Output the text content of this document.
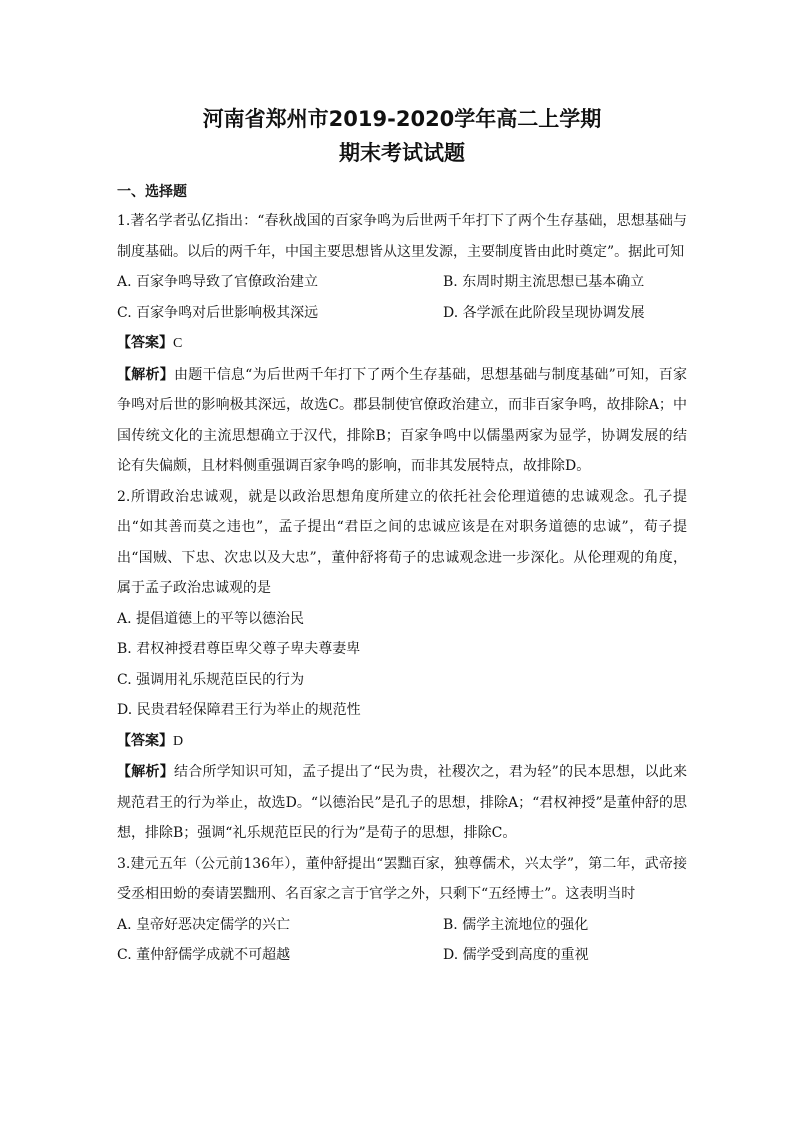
河南省郑州市2019-2020学年高二上学期
期末考试试题
一、选择题

1.著名学者弘亿指出：“春秋战国的百家争鸣为后世两千年打下了两个生存基础，思想基础与制度基础。以后的两千年，中国主要思想皆从这里发源，主要制度皆由此时奠定”。据此可知

A. 百家争鸣导致了官僚政治建立	B. 东周时期主流思想已基本确立
C. 百家争鸣对后世影响极其深远	D. 各学派在此阶段呈现协调发展

【答案】C

【解析】由题干信息“为后世两千年打下了两个生存基础，思想基础与制度基础”可知，百家争鸣对后世的影响极其深远，故选C。郡县制使官僚政治建立，而非百家争鸣，故排除A；中国传统文化的主流思想确立于汉代，排除B；百家争鸣中以儒墨两家为显学，协调发展的结论有失偏颇，且材料侧重强调百家争鸣的影响，而非其发展特点，故排除D。

2.所谓政治忠诚观，就是以政治思想角度所建立的依托社会伦理道德的忠诚观念。孔子提出“如其善而莫之违也”，孟子提出“君臣之间的忠诚应该是在对职务道德的忠诚”，荀子提出“国贼、下忠、次忠以及大忠”，董仲舒将荀子的忠诚观念进一步深化。从伦理观的角度，属于孟子政治忠诚观的是

A. 提倡道德上的平等以德治民
B. 君权神授君尊臣卑父尊子卑夫尊妻卑
C. 强调用礼乐规范臣民的行为
D. 民贵君轻保障君王行为举止的规范性

【答案】D

【解析】结合所学知识可知，孟子提出了“民为贵，社稷次之，君为轻”的民本思想，以此来规范君王的行为举止，故选D。“以德治民”是孔子的思想，排除A；“君权神授”是董仲舒的思想，排除B；强调“礼乐规范臣民的行为”是荀子的思想，排除C。

3.建元五年（公元前136年），董仲舒提出“罢黜百家，独尊儒术，兴太学”，第二年，武帝接受丞相田蚡的奏请罢黜刑、名百家之言于官学之外，只剩下“五经博士”。这表明当时

A. 皇帝好恶决定儒学的兴亡	B. 儒学主流地位的强化
C. 董仲舒儒学成就不可超越	D. 儒学受到高度的重视
